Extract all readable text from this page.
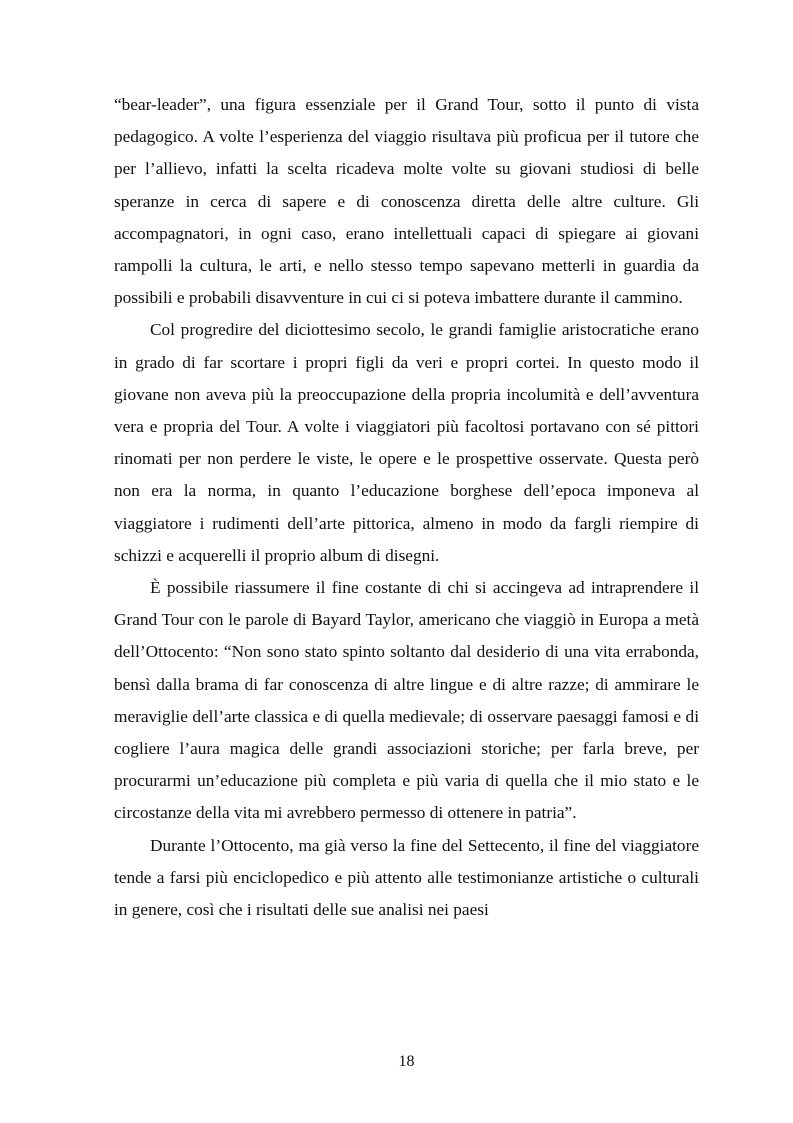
“bear-leader”, una figura essenziale per il Grand Tour, sotto il punto di vista pedagogico. A volte l’esperienza del viaggio risultava più proficua per il tutore che per l’allievo, infatti la scelta ricadeva molte volte su giovani studiosi di belle speranze in cerca di sapere e di conoscenza diretta delle altre culture. Gli accompagnatori, in ogni caso, erano intellettuali capaci di spiegare ai giovani rampolli la cultura, le arti, e nello stesso tempo sapevano metterli in guardia da possibili e probabili disavventure in cui ci si poteva imbattere durante il cammino.

Col progredire del diciottesimo secolo, le grandi famiglie aristocratiche erano in grado di far scortare i propri figli da veri e propri cortei. In questo modo il giovane non aveva più la preoccupazione della propria incolumità e dell’avventura vera e propria del Tour. A volte i viaggiatori più facoltosi portavano con sé pittori rinomati per non perdere le viste, le opere e le prospettive osservate. Questa però non era la norma, in quanto l’educazione borghese dell’epoca imponeva al viaggiatore i rudimenti dell’arte pittorica, almeno in modo da fargli riempire di schizzi e acquerelli il proprio album di disegni.

È possibile riassumere il fine costante di chi si accingeva ad intraprendere il Grand Tour con le parole di Bayard Taylor, americano che viaggiò in Europa a metà dell’Ottocento: “Non sono stato spinto soltanto dal desiderio di una vita errabonda, bensì dalla brama di far conoscenza di altre lingue e di altre razze; di ammirare le meraviglie dell’arte classica e di quella medievale; di osservare paesaggi famosi e di cogliere l’aura magica delle grandi associazioni storiche; per farla breve, per procurarmi un’educazione più completa e più varia di quella che il mio stato e le circostanze della vita mi avrebbero permesso di ottenere in patria”.

Durante l’Ottocento, ma già verso la fine del Settecento, il fine del viaggiatore tende a farsi più enciclopedico e più attento alle testimonianze artistiche o culturali in genere, così che i risultati delle sue analisi nei paesi

18
